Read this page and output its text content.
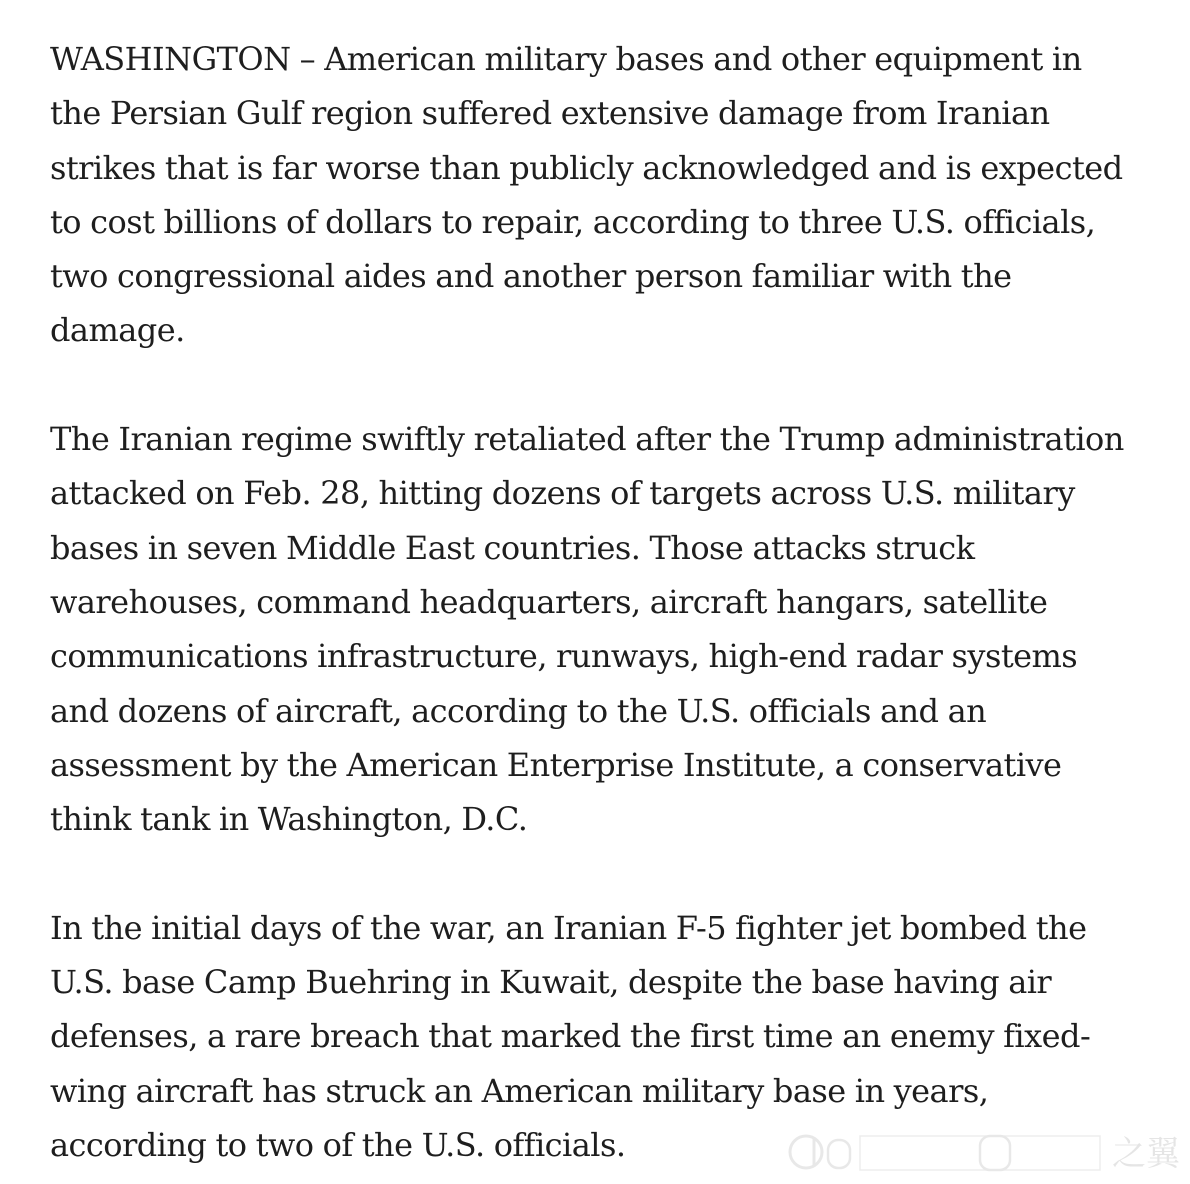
WASHINGTON – American military bases and other equipment in
the Persian Gulf region suffered extensive damage from Iranian
strikes that is far worse than publicly acknowledged and is expected
to cost billions of dollars to repair, according to three U.S. officials,
two congressional aides and another person familiar with the
damage.

The Iranian regime swiftly retaliated after the Trump administration
attacked on Feb. 28, hitting dozens of targets across U.S. military
bases in seven Middle East countries. Those attacks struck
warehouses, command headquarters, aircraft hangars, satellite
communications infrastructure, runways, high-end radar systems
and dozens of aircraft, according to the U.S. officials and an
assessment by the American Enterprise Institute, a conservative
think tank in Washington, D.C.

In the initial days of the war, an Iranian F-5 fighter jet bombed the
U.S. base Camp Buehring in Kuwait, despite the base having air
defenses, a rare breach that marked the first time an enemy fixed-
wing aircraft has struck an American military base in years,
according to two of the U.S. officials.	之翼
